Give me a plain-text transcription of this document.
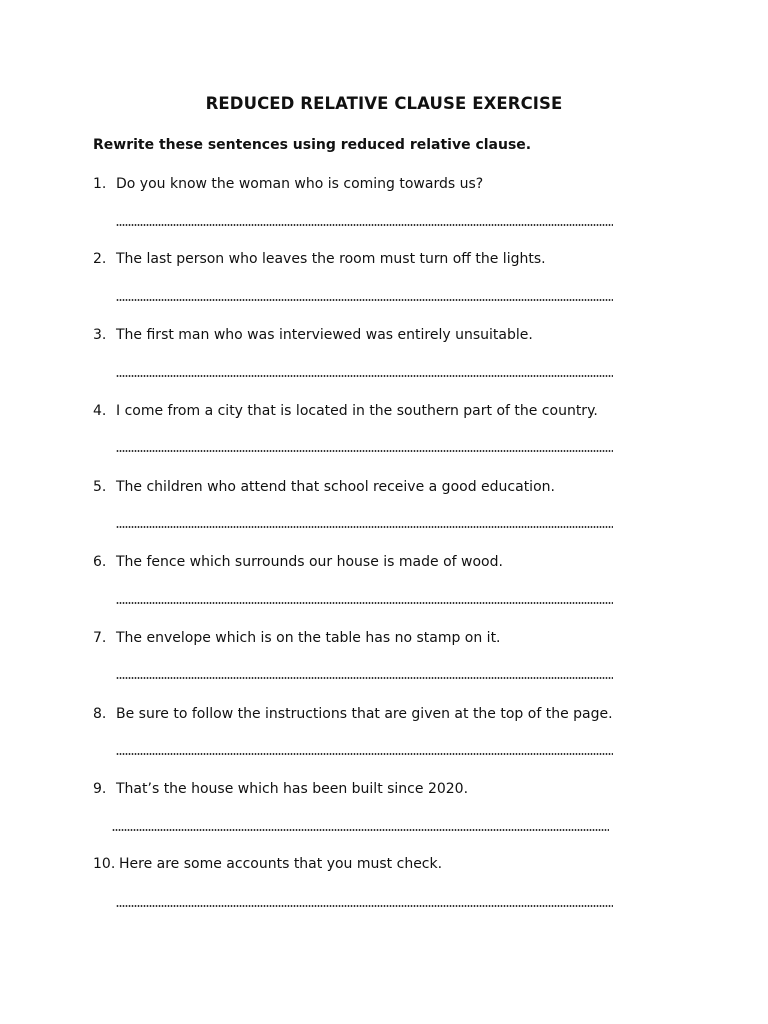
REDUCED RELATIVE CLAUSE EXERCISE
Rewrite these sentences using reduced relative clause.
1. Do you know the woman who is coming towards us?
2. The last person who leaves the room must turn off the lights.
3. The first man who was interviewed was entirely unsuitable.
4. I come from a city that is located in the southern part of the country.
5. The children who attend that school receive a good education.
6. The fence which surrounds our house is made of wood.
7. The envelope which is on the table has no stamp on it.
8. Be sure to follow the instructions that are given at the top of the page.
9. That’s the house which has been built since 2020.
10. Here are some accounts that you must check.
